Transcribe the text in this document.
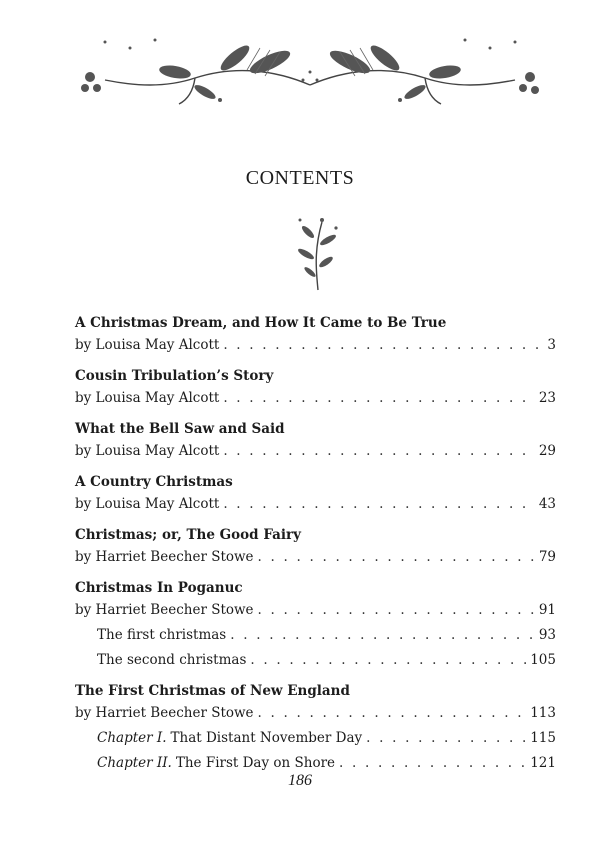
CONTENTS
A Christmas Dream, and How It Came to Be True
by Louisa May Alcott . . .	3
Cousin Tribulation’s Story
by Louisa May Alcott . . .	23
What the Bell Saw and Said
by Louisa May Alcott . . .	29
A Country Christmas
by Louisa May Alcott . . .	43
Christmas; or, The Good Fairy
by Harriet Beecher Stowe . . .	79
Christmas In Poganuc
by Harriet Beecher Stowe . . .	91
The first christmas . . .	93
The second christmas . . .	105
The First Christmas of New England
by Harriet Beecher Stowe . . .	113
Chapter I. That Distant November Day . . .	115
Chapter II. The First Day on Shore . . .	121
186
